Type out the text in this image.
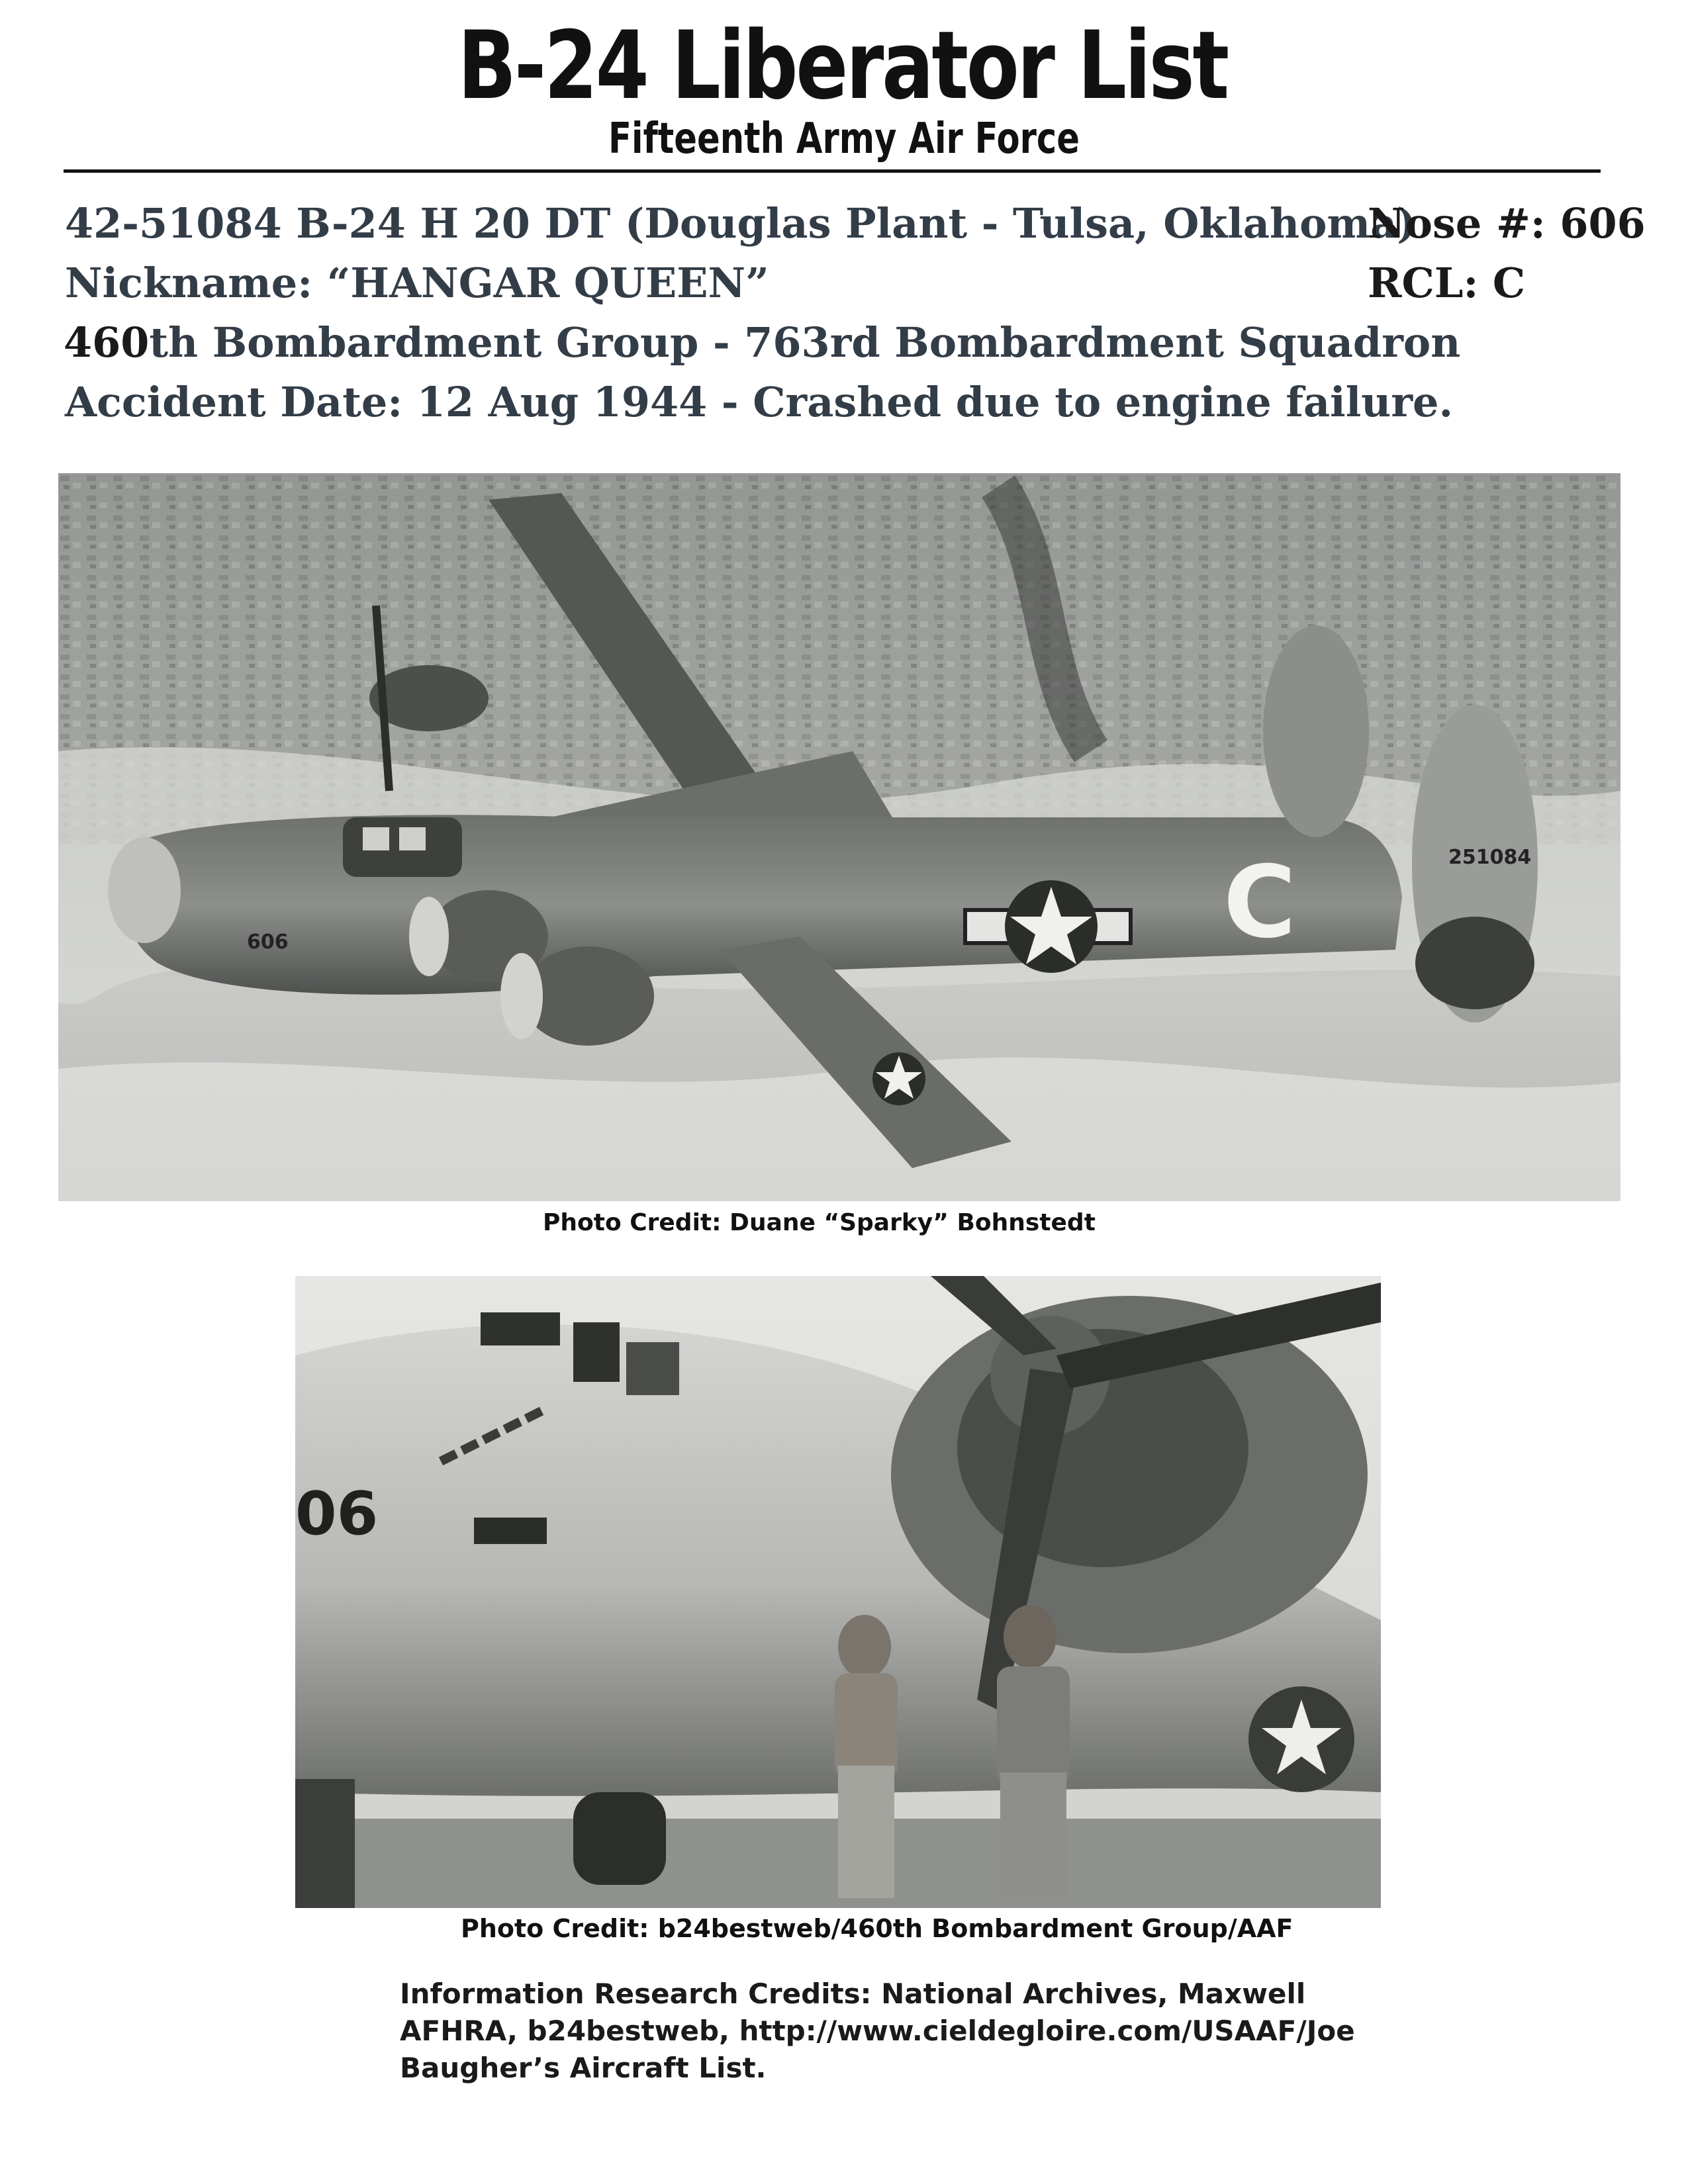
B-24 Liberator List
Fifteenth Army Air Force
42-51084 B-24 H 20 DT (Douglas Plant - Tulsa, Oklahoma)
Nose #: 606
Nickname: “HANGAR QUEEN”	RCL: C
460th Bombardment Group - 763rd Bombardment Squadron
Accident Date: 12 Aug 1944 - Crashed due to engine failure.
C	251084
606
Photo Credit: Duane “Sparky” Bohnstedt
06
Photo Credit: b24bestweb/460th Bombardment Group/AAF
Information Research Credits: National Archives, Maxwell AFHRA, b24bestweb, http://www.cieldegloire.com/USAAF/Joe Baugher’s Aircraft List.
